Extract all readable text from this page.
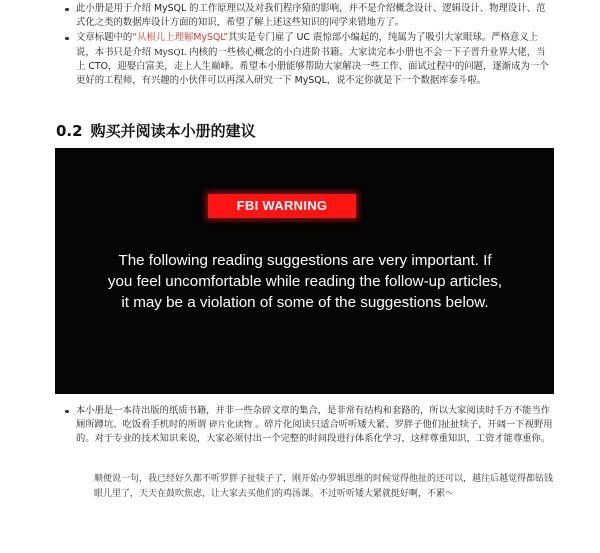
此小册是用于介绍 MySQL 的工作原理以及对我们程序猿的影响，并不是介绍概念设计、逻辑设计、物理设计、范式化之类的数据库设计方面的知识，希望了解上述这些知识的同学来错地方了。
文章标题中的“从根儿上理解MySQL”其实是专门雇了 UC 震惊部小编起的，纯属为了吸引大家眼球。严格意义上说，本书只是介绍 MySQL 内核的一些核心概念的小白进阶书籍。大家读完本小册也不会一下子晋升业界大佬，当上 CTO，迎娶白富美，走上人生巅峰。希望本小册能够帮助大家解决一些工作、面试过程中的问题，逐渐成为一个更好的工程师，有兴趣的小伙伴可以再深入研究一下 MySQL，说不定你就是下一个数据库泰斗啦。
0.2 购买并阅读本小册的建议
FBI WARNING
The following reading suggestions are very important. If
you feel uncomfortable while reading the follow-up articles,
it may be a violation of some of the suggestions below.
本小册是一本待出版的纸质书籍，并非一些杂碎文章的集合，是非常有结构和套路的，所以大家阅读时千万不能当作厕所蹲坑、吃饭看手机时的所谓 碎片化读物 。碎片化阅读只适合听听矮大紧、罗胖子他们扯扯犊子，开阔一下视野用的。对于专业的技术知识来说，大家必须付出一个完整的时间段进行体系化学习，这样尊重知识，工资才能尊重你。
顺便说一句，我已经好久都不听罗胖子扯犊子了，刚开始办罗辑思维的时候觉得他扯的还可以，越往后越觉得都钻钱眼儿里了，天天在鼓吹焦虑，让大家去买他们的鸡汤课。不过听听矮大紧就挺好啊，不累～
